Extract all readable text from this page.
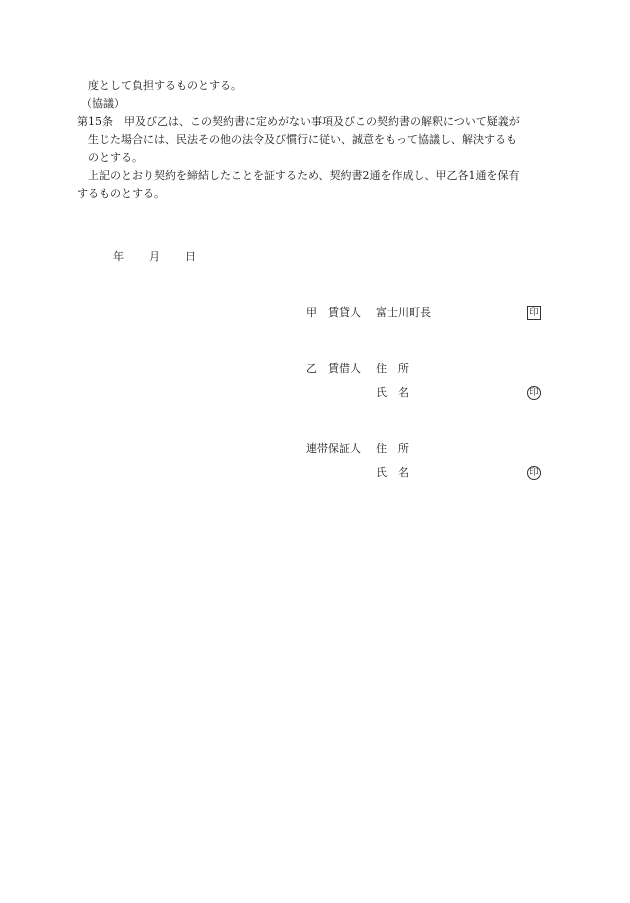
度として負担するものとする。
（協議）
第15条　甲及び乙は、この契約書に定めがない事項及びこの契約書の解釈について疑義が
生じた場合には、民法その他の法令及び慣行に従い、誠意をもって協議し、解決するも
のとする。
上記のとおり契約を締結したことを証するため、契約書2通を作成し、甲乙各1通を保有
するものとする。
年 月 日
甲　賃貸人 富士川町長	印
乙　賃借人 住　所
氏　名	印
連帯保証人 住　所
氏　名	印
